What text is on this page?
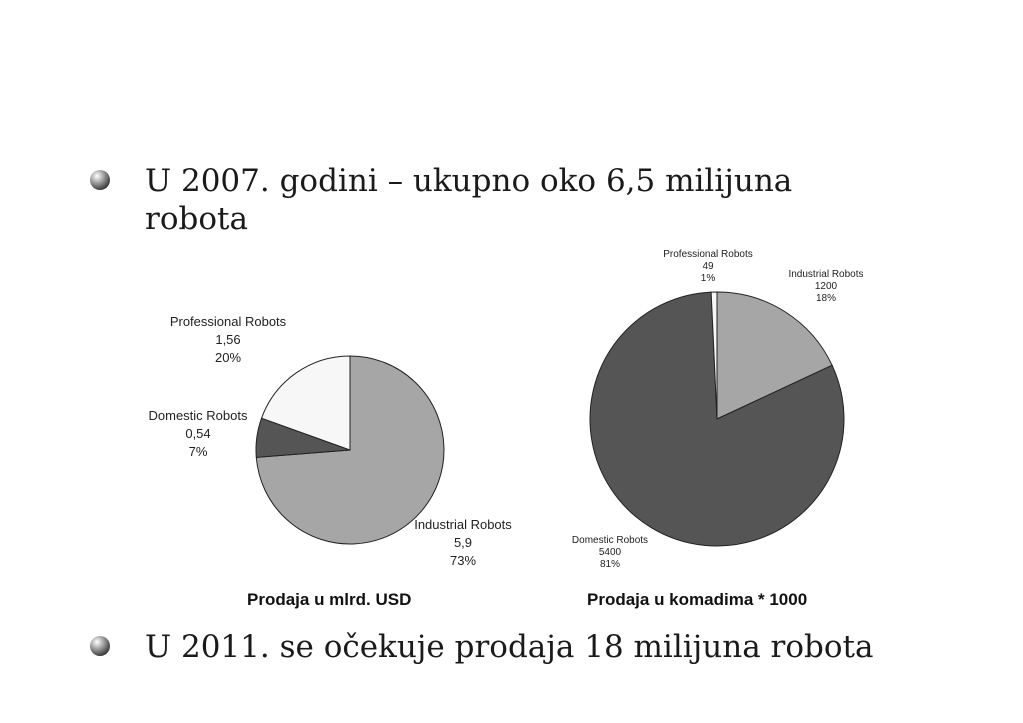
U 2007. godini – ukupno oko 6,5 milijuna
robota
Industrial Robots 5,9 73%
Domestic Robots 0,54 7%
Professional Robots 1,56 20%
Industrial Robots 1200 18%
Domestic Robots 5400 81%
Professional Robots 49 1%
Prodaja u mlrd. USD	Prodaja u komadima * 1000
U 2011. se očekuje prodaja 18 milijuna robota
